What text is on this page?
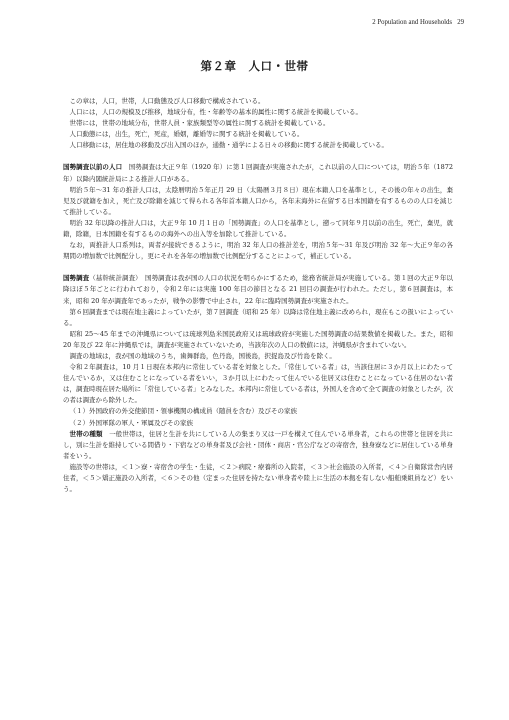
2 Population and Households 29
第２章　人口・世帯

この章は，人口，世帯，人口動態及び人口移動で構成されている。

人口には，人口の規模及び推移，地域分布，性・年齢等の基本的属性に関する統計を掲載している。

世帯には，世帯の地域分布，世帯人員・家族類型等の属性に関する統計を掲載している。

人口動態には，出生，死亡，死産，婚姻，離婚等に関する統計を掲載している。

人口移動には，居住地の移動及び出入国のほか，通勤・通学による日々の移動に関する統計を掲載している。

国勢調査以前の人口　国勢調査は大正９年（1920 年）に第１回調査が実施されたが，これ以前の人口については，明治５年（1872 年）以降内閣統計局による推計人口がある。

明治５年〜31 年の推計人口は，太陰暦明治５年正月 29 日（太陽暦３月８日）現在本籍人口を基準とし，その後の年々の出生，棄児及び就籍を加え，死亡及び除籍を減じて得られる各年首本籍人口から，各年末海外に在留する日本国籍を有するものの人口を減じて推計している。

明治 32 年以降の推計人口は，大正９年 10 月１日の「国勢調査」の人口を基準とし，遡って同年９月以前の出生，死亡，棄児，就籍，除籍，日本国籍を有するものの海外への出入等を加除して推計している。

なお，両推計人口系列は，両者が接続できるように，明治 32 年人口の推計差を，明治５年〜31 年及び明治 32 年〜大正９年の各期間の増加数で比例配分し，更にそれを各年の増加数で比例配分することによって，補正している。

国勢調査（基幹統計調査）　国勢調査は我が国の人口の状況を明らかにするため，総務省統計局が実施している。第１回の大正９年以降ほぼ５年ごとに行われており，令和２年には実施 100 年目の節目となる 21 回目の調査が行われた。ただし，第６回調査は，本来，昭和 20 年が調査年であったが，戦争の影響で中止され，22 年に臨時国勢調査が実施された。

第６回調査までは現在地主義によっていたが，第７回調査（昭和 25 年）以降は常住地主義に改められ，現在もこの扱いによっている。

昭和 25〜45 年までの沖縄県については琉球列島米国民政府又は琉球政府が実施した国勢調査の結果数値を掲載した。また，昭和 20 年及び 22 年に沖縄県では，調査が実施されていないため，当該年次の人口の数値には，沖縄県が含まれていない。

調査の地域は，我が国の地域のうち，歯舞群島，色丹島，国後島，択捉島及び竹島を除く。

令和２年調査は，10 月１日現在本邦内に常住している者を対象とした。「常住している者」は，当該住居に３か月以上にわたって住んでいるか，又は住むことになっている者をいい，３か月以上にわたって住んでいる住居又は住むことになっている住居のない者は，調査時現在居た場所に「常住している者」とみなした。本邦内に常住している者は，外国人を含めて全て調査の対象としたが，次の者は調査から除外した。

（１）外国政府の外交使節団・領事機関の構成員（随員を含む）及びその家族

（２）外国軍隊の軍人・軍属及びその家族

世帯の種類　一般世帯は，住居と生計を共にしている人の集まり又は一戸を構えて住んでいる単身者，これらの世帯と住居を共にし，別に生計を維持している間借り・下宿などの単身者及び会社・団体・商店・官公庁などの寄宿舎，独身寮などに居住している単身者をいう。

施設等の世帯は，＜１＞寮・寄宿舎の学生・生徒，＜２＞病院・療養所の入院者，＜３＞社会施設の入所者，＜４＞自衛隊営舎内居住者，＜５＞矯正施設の入所者，＜６＞その他（定まった住居を持たない単身者や陸上に生活の本拠を有しない船舶乗組員など）をいう。
